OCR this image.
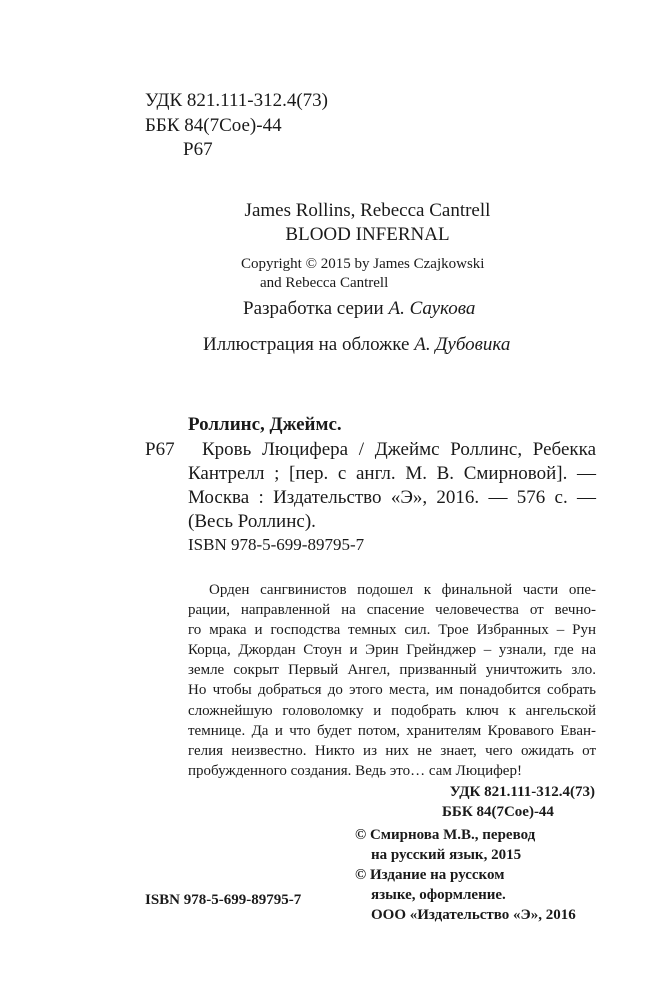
УДК 821.111-312.4(73)
ББК 84(7Сое)-44
Р67
James Rollins, Rebecca Cantrell
BLOOD INFERNAL
Copyright © 2015 by James Czajkowski
and Rebecca Cantrell
Разработка серии А. Саукова
Иллюстрация на обложке А. Дубовика
Роллинс, Джеймс.
Р67	Кровь Люцифера / Джеймс Роллинс, Ребекка
Кантрелл ; [пер. с англ. М. В. Смирновой]. —
Москва : Издательство «Э», 2016. — 576 с. —
(Весь Роллинс).
ISBN 978-5-699-89795-7

Орден сангвинистов подошел к финальной части опе-
рации, направленной на спасение человечества от вечно-
го мрака и господства темных сил. Трое Избранных – Рун
Корца, Джордан Стоун и Эрин Грейнджер – узнали, где на
земле сокрыт Первый Ангел, призванный уничтожить зло.
Но чтобы добраться до этого места, им понадобится собрать
сложнейшую головоломку и подобрать ключ к ангельской
темнице. Да и что будет потом, хранителям Кровавого Еван-
гелия неизвестно. Никто из них не знает, чего ожидать от
пробужденного создания. Ведь это… сам Люцифер!

УДК 821.111-312.4(73)
ББК 84(7Сое)-44
ISBN 978-5-699-89795-7
© Смирнова М.В., перевод
на русский язык, 2015
© Издание на русском
языке, оформление.
ООО «Издательство «Э», 2016
